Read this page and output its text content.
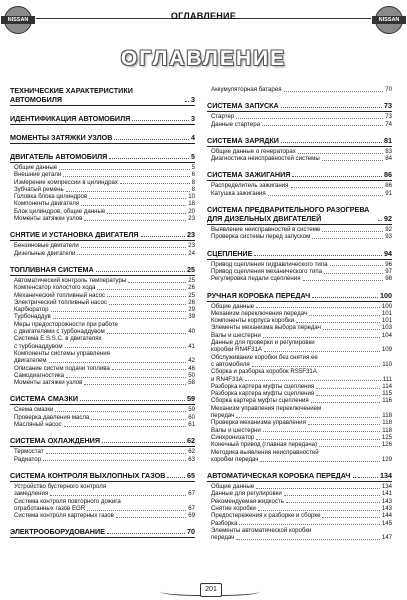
NISSAN	ОГЛАВЛЕНИЕ	NISSAN
ОГЛАВЛЕНИЕ
ТЕХНИЧЕСКИЕ ХАРАКТЕРИСТИКИ АВТОМОБИЛЯ	3
ИДЕНТИФИКАЦИЯ АВТОМОБИЛЯ	3
МОМЕНТЫ ЗАТЯЖКИ УЗЛОВ	4
ДВИГАТЕЛЬ АВТОМОБИЛЯ	5
Общие данные	5
Внешние детали	6
Измерение компрессии в цилиндрах	8
Зубчатый ремень	8
Головка блока цилиндров	10
Компоненты двигателя	18
Блок цилиндров, общие данные	20
Моменты затяжки узлов	23
СНЯТИЕ И УСТАНОВКА ДВИГАТЕЛЯ	23
Бензиновые двигатели	23
Дизельные двигатели	24
ТОПЛИВНАЯ СИСТЕМА	25
Автоматический контроль температуры	25
Компенсатор холостого хода	26
Механический топливный насос	25
Электрический топливный насос	26
Карбюратор	29
Турбонаддув	39
Меры предосторожности при работе
с двигателями с турбонаддувом	40
Система E.S.S.C. в двигателях
с турбонаддувом	41
Компоненты системы управления
двигателем	42
Описание систем подачи топлива	46
Самодиагностика	50
Моменты затяжки узлов	58
СИСТЕМА СМАЗКИ	59
Схема смазки	59
Проверка давления масла	60
Масляный насос	61
СИСТЕМА ОХЛАЖДЕНИЯ	62
Термостат	62
Радиатор	63
СИСТЕМА КОНТРОЛЯ ВЫХЛОПНЫХ ГАЗОВ	65
Устройство бустерного контроля
замедления	67
Система контроля повторного дожига
отработанных газов EGR	67
Система контроля картерных газов	69
ЭЛЕКТРООБОРУДОВАНИЕ	70
Аккумуляторная батарея	70
СИСТЕМА ЗАПУСКА	73
Стартер	73
Данные стартера	74
СИСТЕМА ЗАРЯДКИ	81
Общие данные о генераторах	83
Диагностика неисправностей системы	84
СИСТЕМА ЗАЖИГАНИЯ	86
Распределитель зажигания	86
Катушка зажигания	91
СИСТЕМА ПРЕДВАРИТЕЛЬНОГО РАЗОГРЕВА ДЛЯ ДИЗЕЛЬНЫХ ДВИГАТЕЛЕЙ	92
Выявление неисправностей в системе	92
Проверка системы перед запуском	93
СЦЕПЛЕНИЕ	94
Привод сцепления гидравлического типа	96
Привод сцепления механического типа	97
Регулировка педали сцепления	98
РУЧНАЯ КОРОБКА ПЕРЕДАЧ	100
Общие данные	100
Механизм переключения передач	101
Компоненты корпуса коробки	101
Элементы механизма выбора передач	103
Валы и шестерни	104
Данные для проверки и регулировки
коробки RN4F31A	109
Обслуживание коробки без снятия ее
с автомобиля	110
Сборка и разборка коробок RS5F31A
и RN4F31A	111
Разборка картера муфты сцепления	114
Разборка картера муфты сцепления	115
Сборка картера муфты сцепления	116
Механизм управления переключением
передач	118
Проверка механизма управления	118
Валы и шестерни	118
Синхронизатор	125
Конечный привод (главная передача)	126
Методика выявления неисправностей
коробки передач	129
АВТОМАТИЧЕСКАЯ КОРОБКА ПЕРЕДАЧ ..	134
Общие данные	134
Данные для регулировки	141
Рекомендуемая жидкость	143
Снятие коробки	143
Предостережения к разборке и сборке	144
Разборка	145
Элементы автоматической коробки
передач	147
201
